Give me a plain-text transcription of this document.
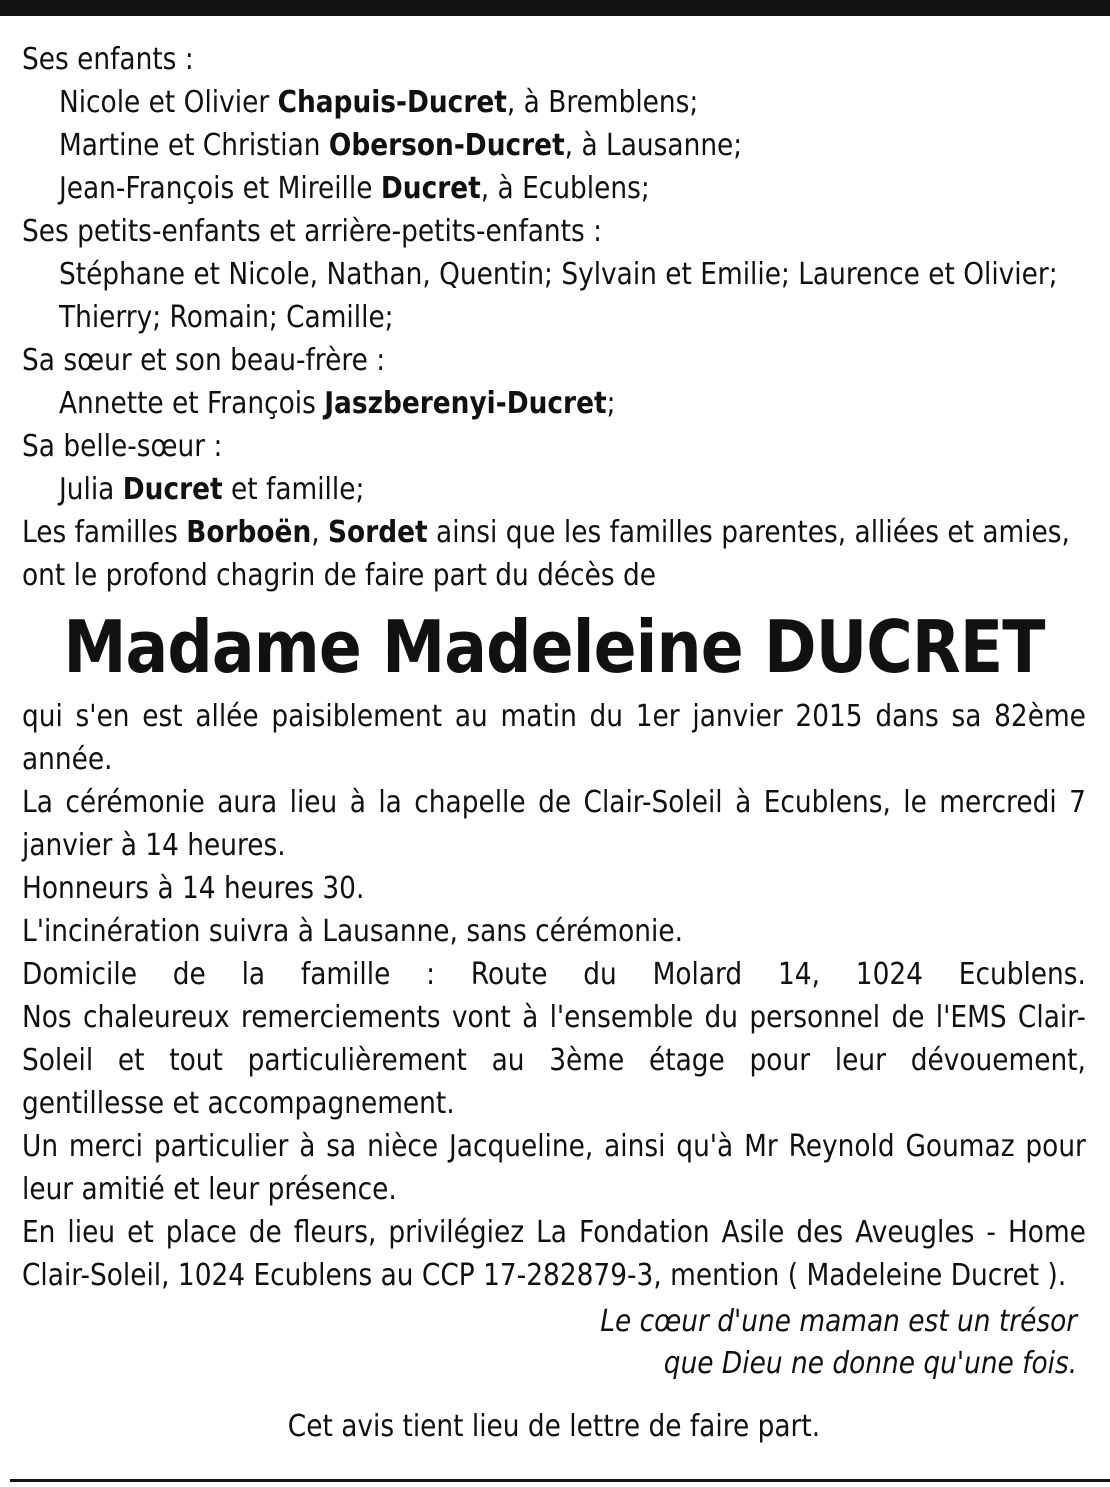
Ses enfants :
Nicole et Olivier Chapuis-Ducret, à Bremblens;
Martine et Christian Oberson-Ducret, à Lausanne;
Jean-François et Mireille Ducret, à Ecublens;
Ses petits-enfants et arrière-petits-enfants :
Stéphane et Nicole, Nathan, Quentin; Sylvain et Emilie; Laurence et Olivier; Thierry; Romain; Camille;
Sa sœur et son beau-frère :
Annette et François Jaszberenyi-Ducret;
Sa belle-sœur :
Julia Ducret et famille;
Les familles Borboën, Sordet ainsi que les familles parentes, alliées et amies, ont le profond chagrin de faire part du décès de
Madame Madeleine DUCRET
qui s'en est allée paisiblement au matin du 1er janvier 2015 dans sa 82ème année.
La cérémonie aura lieu à la chapelle de Clair-Soleil à Ecublens, le mercredi 7 janvier à 14 heures.
Honneurs à 14 heures 30.
L'incinération suivra à Lausanne, sans cérémonie.
Domicile de la famille : Route du Molard 14, 1024 Ecublens.
Nos chaleureux remerciements vont à l'ensemble du personnel de l'EMS Clair-Soleil et tout particulièrement au 3ème étage pour leur dévouement, gentillesse et accompagnement.
Un merci particulier à sa nièce Jacqueline, ainsi qu'à Mr Reynold Goumaz pour leur amitié et leur présence.
En lieu et place de fleurs, privilégiez La Fondation Asile des Aveugles - Home Clair-Soleil, 1024 Ecublens au CCP 17-282879-3, mention ( Madeleine Ducret ).
Le cœur d'une maman est un trésor
que Dieu ne donne qu'une fois.
Cet avis tient lieu de lettre de faire part.
